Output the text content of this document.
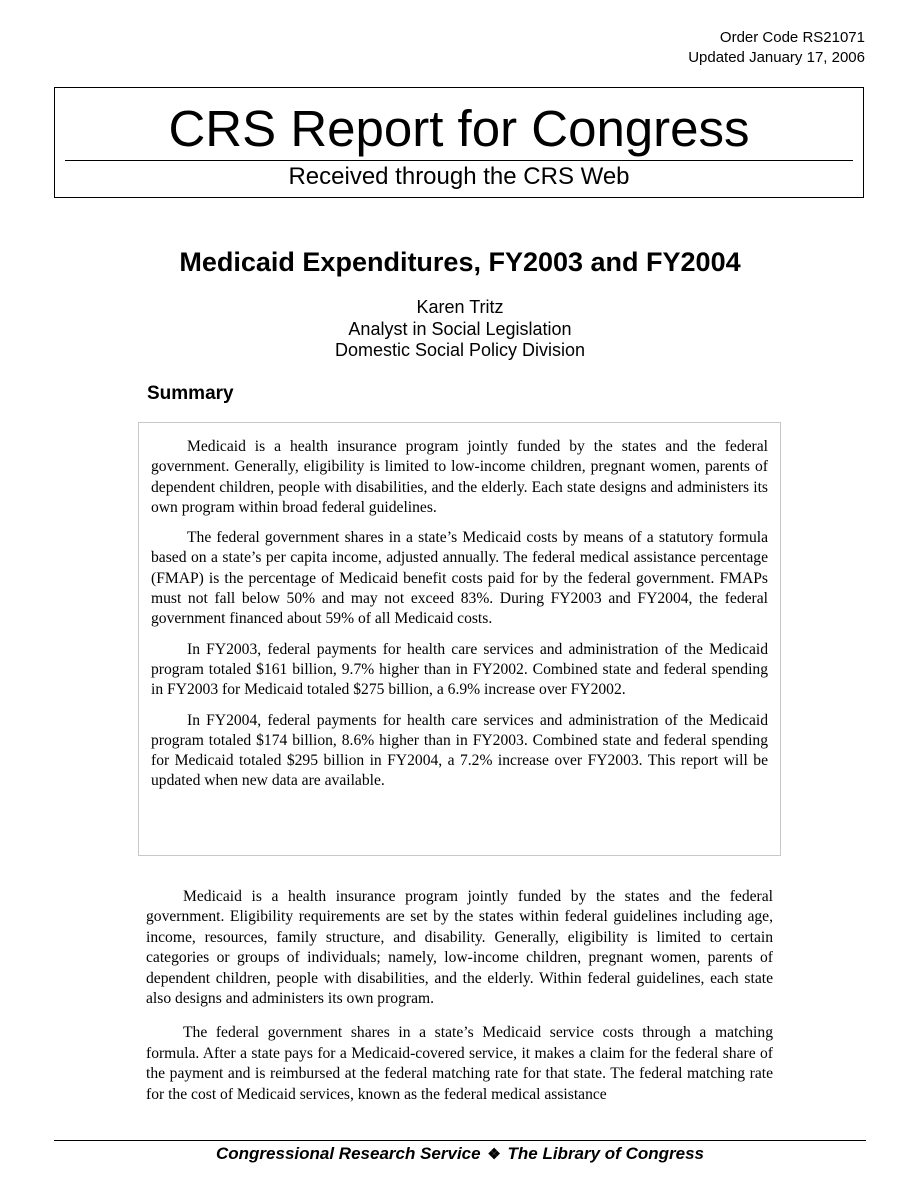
Order Code RS21071
Updated January 17, 2006
CRS Report for Congress
Received through the CRS Web
Medicaid Expenditures, FY2003 and FY2004
Karen Tritz
Analyst in Social Legislation
Domestic Social Policy Division
Summary

Medicaid is a health insurance program jointly funded by the states and the federal government. Generally, eligibility is limited to low-income children, pregnant women, parents of dependent children, people with disabilities, and the elderly. Each state designs and administers its own program within broad federal guidelines.

The federal government shares in a state’s Medicaid costs by means of a statutory formula based on a state’s per capita income, adjusted annually. The federal medical assistance percentage (FMAP) is the percentage of Medicaid benefit costs paid for by the federal government. FMAPs must not fall below 50% and may not exceed 83%. During FY2003 and FY2004, the federal government financed about 59% of all Medicaid costs.

In FY2003, federal payments for health care services and administration of the Medicaid program totaled $161 billion, 9.7% higher than in FY2002. Combined state and federal spending in FY2003 for Medicaid totaled $275 billion, a 6.9% increase over FY2002.

In FY2004, federal payments for health care services and administration of the Medicaid program totaled $174 billion, 8.6% higher than in FY2003. Combined state and federal spending for Medicaid totaled $295 billion in FY2004, a 7.2% increase over FY2003. This report will be updated when new data are available.

Medicaid is a health insurance program jointly funded by the states and the federal government. Eligibility requirements are set by the states within federal guidelines including age, income, resources, family structure, and disability. Generally, eligibility is limited to certain categories or groups of individuals; namely, low-income children, pregnant women, parents of dependent children, people with disabilities, and the elderly. Within federal guidelines, each state also designs and administers its own program.

The federal government shares in a state’s Medicaid service costs through a matching formula. After a state pays for a Medicaid-covered service, it makes a claim for the federal share of the payment and is reimbursed at the federal matching rate for that state. The federal matching rate for the cost of Medicaid services, known as the federal medical assistance

Congressional Research Service ❖ The Library of Congress
